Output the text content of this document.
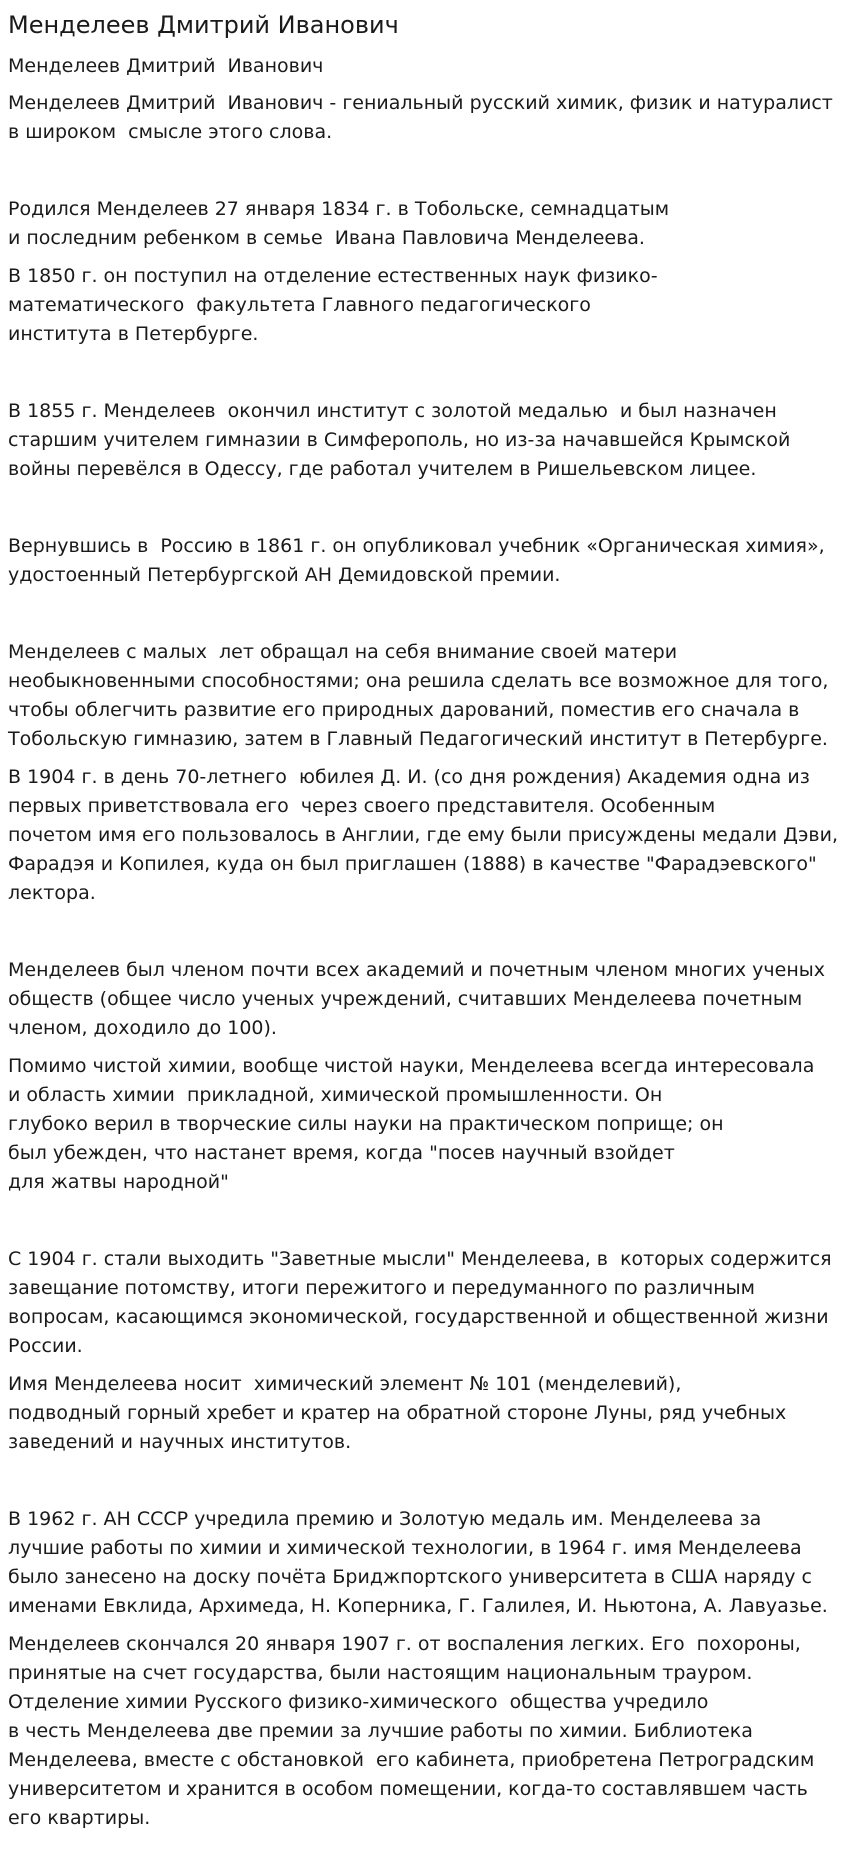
Менделеев Дмитрий Иванович
Менделеев Дмитрий  Иванович
Менделеев Дмитрий  Иванович - гениальный русский химик, физик и натуралист
в широком  смысле этого слова.
Родился Менделеев 27 января 1834 г. в Тобольске, семнадцатым
и последним ребенком в семье  Ивана Павловича Менделеева.
В 1850 г. он поступил на отделение естественных наук физико-
математического  факультета Главного педагогического
института в Петербурге.
В 1855 г. Менделеев  окончил институт с золотой медалью  и был назначен
старшим учителем гимназии в Симферополь, но из-за начавшейся Крымской
войны перевёлся в Одессу, где работал учителем в Ришельевском лицее.
Вернувшись в  Россию в 1861 г. он опубликовал учебник «Органическая химия»,
удостоенный Петербургской АН Демидовской премии.
Менделеев с малых  лет обращал на себя внимание своей матери
необыкновенными способностями; она решила сделать все возможное для того,
чтобы облегчить развитие его природных дарований, поместив его сначала в
Тобольскую гимназию, затем в Главный Педагогический институт в Петербурге.
В 1904 г. в день 70-летнего  юбилея Д. И. (со дня рождения) Академия одна из
первых приветствовала его  через своего представителя. Особенным
почетом имя его пользовалось в Англии, где ему были присуждены медали Дэви,
Фарадэя и Копилея, куда он был приглашен (1888) в качестве "Фарадэевского"
лектора.
Менделеев был членом почти всех академий и почетным членом многих ученых
обществ (общее число ученых учреждений, считавших Менделеева почетным
членом, доходило до 100).
Помимо чистой химии, вообще чистой науки, Менделеева всегда интересовала
и область химии  прикладной, химической промышленности. Он
глубоко верил в творческие силы науки на практическом поприще; он
был убежден, что настанет время, когда "посев научный взойдет
для жатвы народной"
С 1904 г. стали выходить "Заветные мысли" Менделеева, в  которых содержится
завещание потомству, итоги пережитого и передуманного по различным
вопросам, касающимся экономической, государственной и общественной жизни
России.
Имя Менделеева носит  химический элемент № 101 (менделевий),
подводный горный хребет и кратер на обратной стороне Луны, ряд учебных
заведений и научных институтов.
В 1962 г. АН СССР учредила премию и Золотую медаль им. Менделеева за
лучшие работы по химии и химической технологии, в 1964 г. имя Менделеева
было занесено на доску почёта Бриджпортского университета в США наряду с
именами Евклида, Архимеда, Н. Коперника, Г. Галилея, И. Ньютона, А. Лавуазье.
Менделеев скончался 20 января 1907 г. от воспаления легких. Его  похороны,
принятые на счет государства, были настоящим национальным трауром.
Отделение химии Русского физико-химического  общества учредило
в честь Менделеева две премии за лучшие работы по химии. Библиотека
Менделеева, вместе с обстановкой  его кабинета, приобретена Петроградским
университетом и хранится в особом помещении, когда-то составлявшем часть
его квартиры.
